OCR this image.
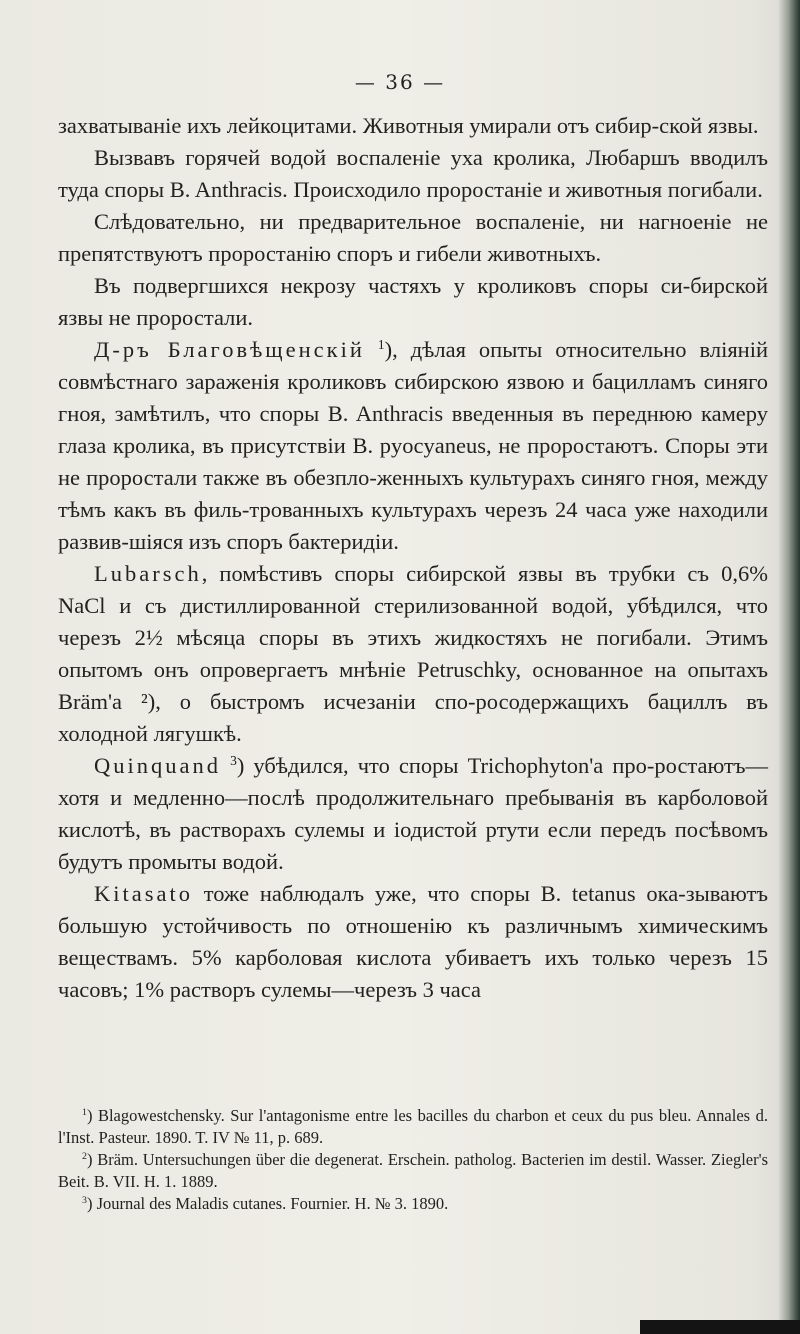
— 36 —

захватываніе ихъ лейкоцитами. Животныя умирали отъ сибир-ской язвы.

Вызвавъ горячей водой воспаленіе уха кролика, Любаршъ вводилъ туда споры B. Anthracis. Происходило проростаніе и животныя погибали.

Слѣдовательно, ни предварительное воспаленіе, ни нагноеніе не препятствуютъ проростанію споръ и гибели животныхъ.

Въ подвергшихся некрозу частяхъ у кроликовъ споры си-бирской язвы не проростали.

Д-ръ Благовѣщенскій $^1$), дѣлая опыты относительно вліяній совмѣстнаго зараженія кроликовъ сибирскою язвою и бацилламъ синяго гноя, замѣтилъ, что споры B. Anthracis введенныя въ переднюю камеру глаза кролика, въ присутствіи B. pyocyaneus, не проростаютъ. Споры эти не проростали также въ обезпло-женныхъ культурахъ синяго гноя, между тѣмъ какъ въ филь-трованныхъ культурахъ черезъ 24 часа уже находили развив-шіяся изъ споръ бактеридіи.

Lubarsch, помѣстивъ споры сибирской язвы въ трубки съ 0,6% NaCl и съ дистиллированной стерилизованной водой, убѣдился, что черезъ 2½ мѣсяца споры въ этихъ жидкостяхъ не погибали. Этимъ опытомъ онъ опровергаетъ мнѣніе Petruschky, основанное на опытахъ Bräm'а ²), о быстромъ исчезаніи спо-росодержащихъ бациллъ въ холодной лягушкѣ.

Quinquand $^3$) убѣдился, что споры Trichophyton'а про-ростаютъ—хотя и медленно—послѣ продолжительнаго пребыванія въ карболовой кислотѣ, въ растворахъ сулемы и іодистой ртути если передъ посѣвомъ будутъ промыты водой.

Kitasato тоже наблюдалъ уже, что споры B. tetanus ока-зываютъ большую устойчивость по отношенію къ различнымъ химическимъ веществамъ. 5% карболовая кислота убиваетъ ихъ только черезъ 15 часовъ; 1% растворъ сулемы—черезъ 3 часа

$^1$) Blagowestchensky. Sur l'antagonisme entre les bacilles du charbon et ceux du pus bleu. Annales d. l'Inst. Pasteur. 1890. T. IV № 11, p. 689.

$^2$) Bräm. Untersuchungen über die degenerat. Erschein. patholog. Bacterien im destil. Wasser. Ziegler's Beit. B. VII. H. 1. 1889.

$^3$) Journal des Maladis cutanes. Fournier. H. № 3. 1890.
